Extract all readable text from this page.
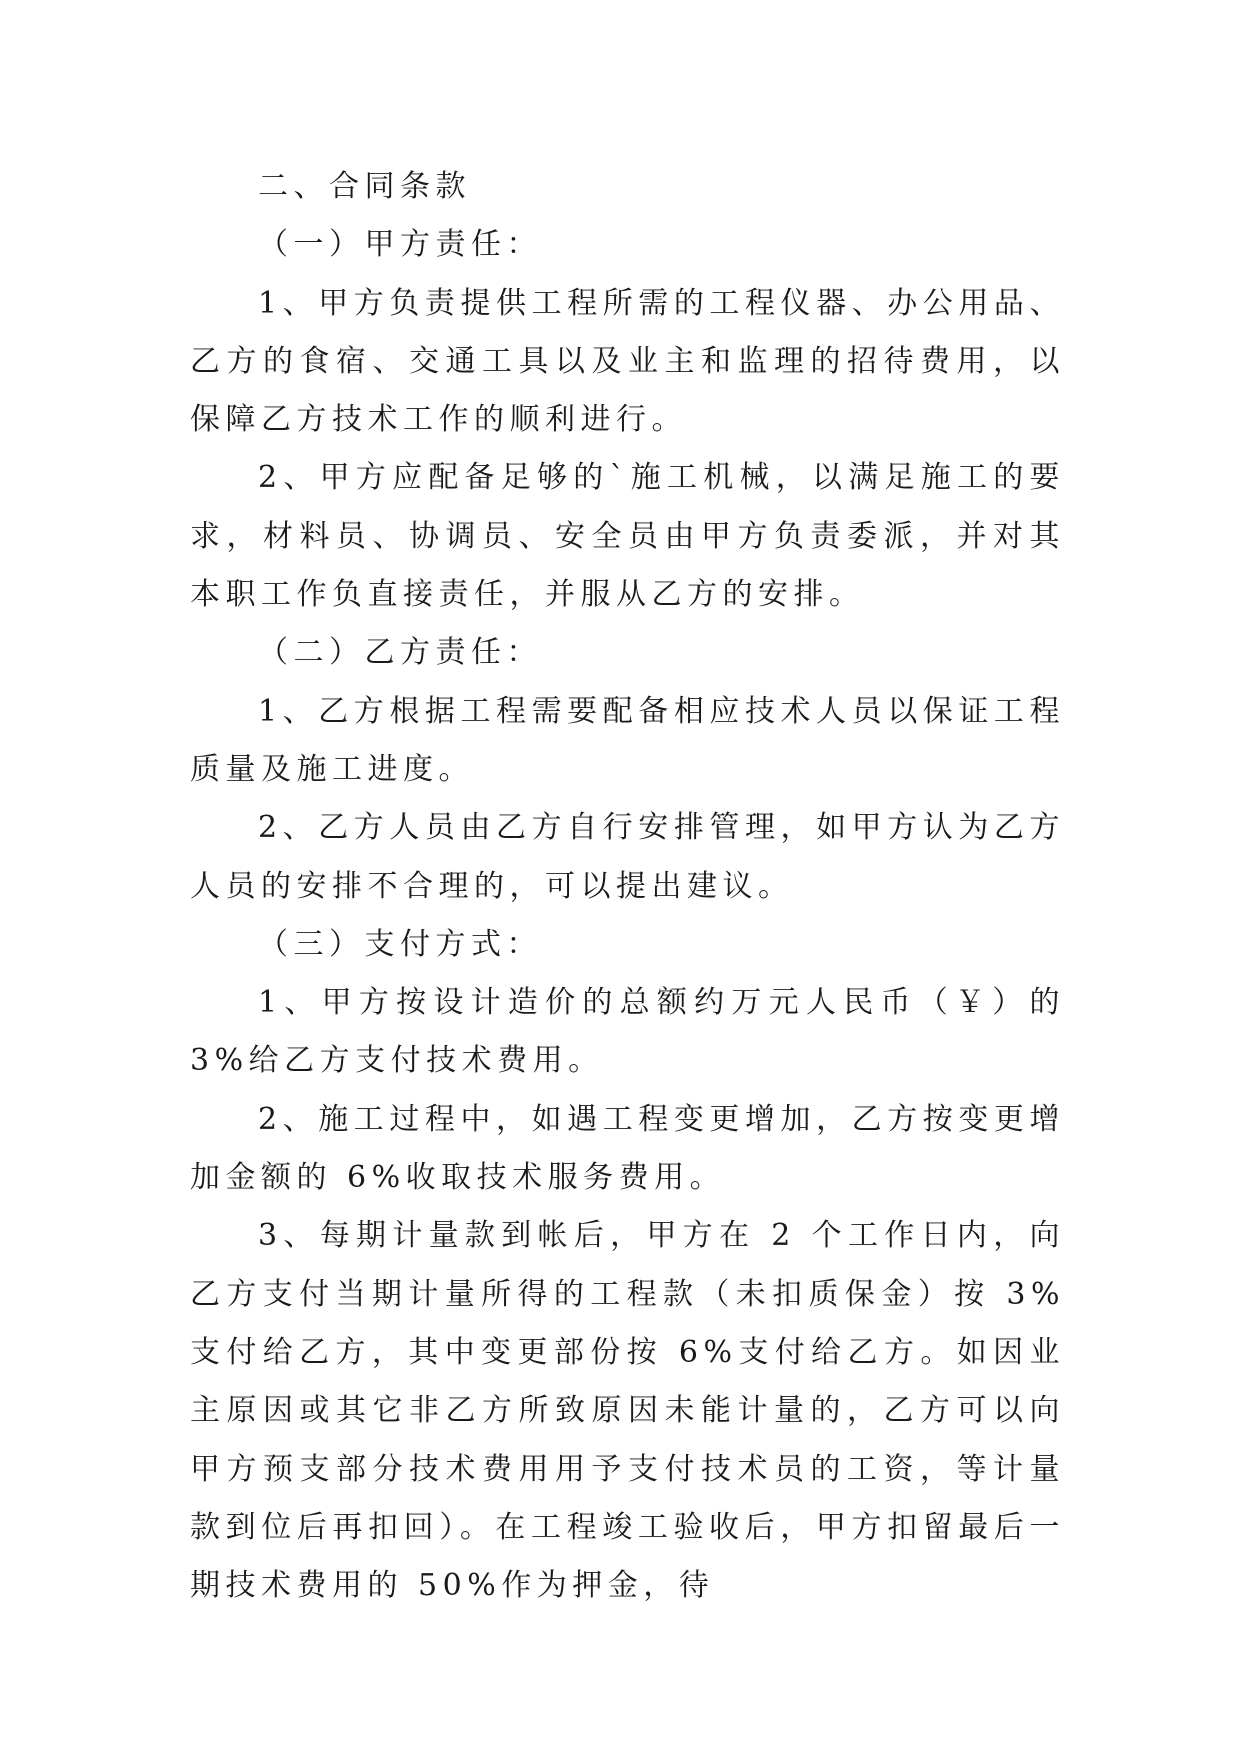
二、合同条款

（一）甲方责任：

1、甲方负责提供工程所需的工程仪器、办公用品、乙方的食宿、交通工具以及业主和监理的招待费用，以保障乙方技术工作的顺利进行。

2、甲方应配备足够的`施工机械，以满足施工的要求，材料员、协调员、安全员由甲方负责委派，并对其本职工作负直接责任，并服从乙方的安排。

（二）乙方责任：

1、乙方根据工程需要配备相应技术人员以保证工程质量及施工进度。

2、乙方人员由乙方自行安排管理，如甲方认为乙方人员的安排不合理的，可以提出建议。

（三）支付方式：

1、甲方按设计造价的总额约万元人民币（￥）的 3%给乙方支付技术费用。

2、施工过程中，如遇工程变更增加，乙方按变更增加金额的 6%收取技术服务费用。

3、每期计量款到帐后，甲方在 2 个工作日内，向乙方支付当期计量所得的工程款（未扣质保金）按 3%支付给乙方，其中变更部份按 6%支付给乙方。如因业主原因或其它非乙方所致原因未能计量的，乙方可以向甲方预支部分技术费用用予支付技术员的工资，等计量款到位后再扣回）。在工程竣工验收后，甲方扣留最后一期技术费用的 50%作为押金，待
